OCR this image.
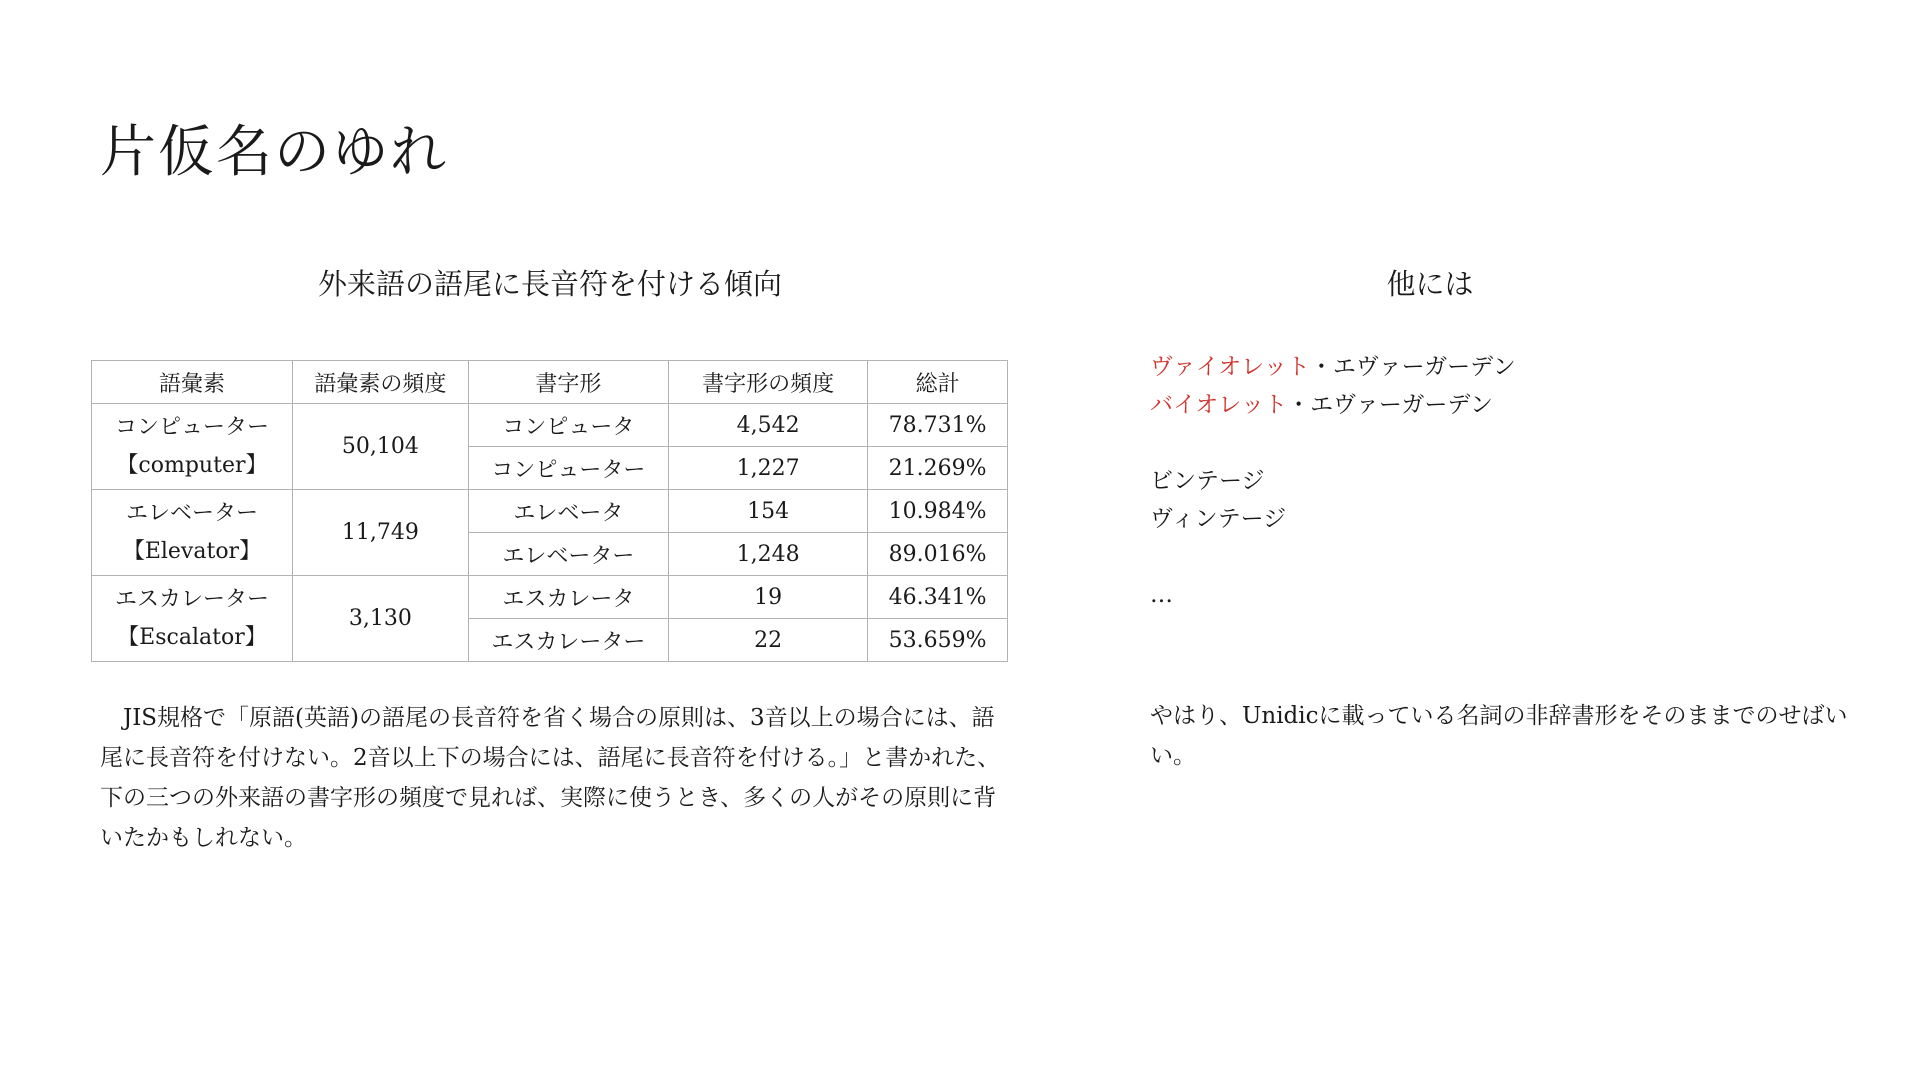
片仮名のゆれ
外来語の語尾に長音符を付ける傾向	他には
語彙素	語彙素の頻度	書字形	書字形の頻度	総計

コンピューター
【computer】	50,104	コンピュータ	4,542	78.731%
		コンピューター	1,227	21.269%

エレベーター
【Elevator】	11,749	エレベータ	154	10.984%
		エレベーター	1,248	89.016%

エスカレーター
【Escalator】	3,130	エスカレータ	19	46.341%
		エスカレーター	22	53.659%

　JIS規格で「原語(英語)の語尾の長音符を省く場合の原則は、3音以上の場合には、語尾に長音符を付けない。2音以上下の場合には、語尾に長音符を付ける。」と書かれた、下の三つの外来語の書字形の頻度で見れば、実際に使うとき、多くの人がその原則に背いたかもしれない。

ヴァイオレット・エヴァーガーデン
バイオレット・エヴァーガーデン
ビンテージ
ヴィンテージ
…

やはり、Unidicに載っている名詞の非辞書形をそのままでのせばいい。
